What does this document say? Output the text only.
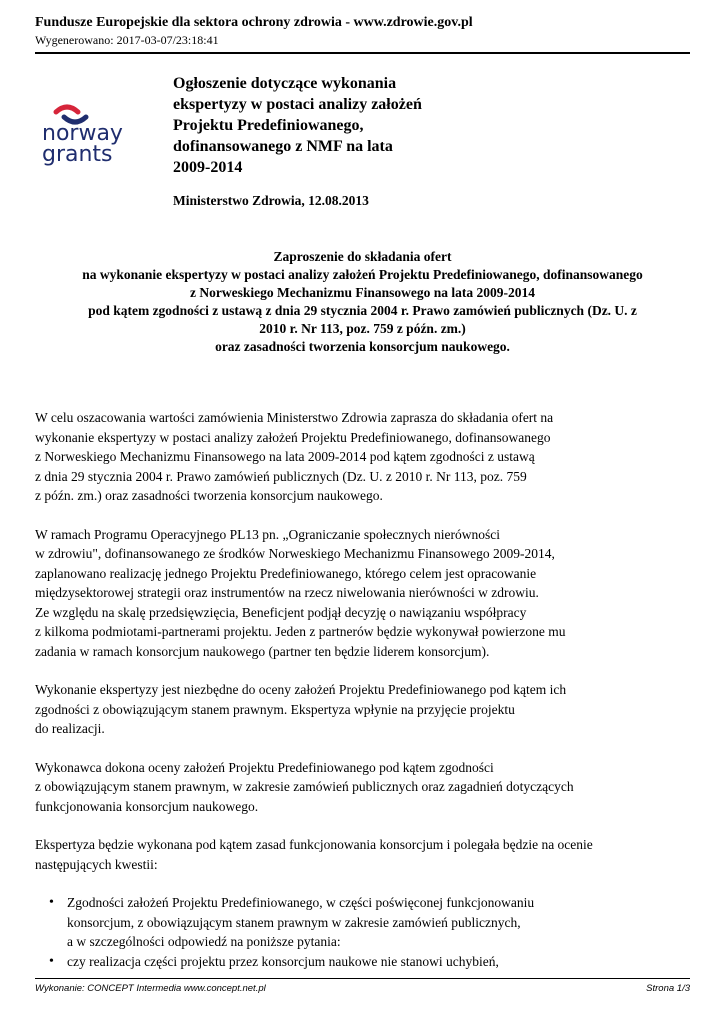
Fundusze Europejskie dla sektora ochrony zdrowia - www.zdrowie.gov.pl
Wygenerowano: 2017-03-07/23:18:41
norway
grants
Ogłoszenie dotyczące wykonania
ekspertyzy w postaci analizy założeń
Projektu Predefiniowanego,
dofinansowanego z NMF na lata
2009-2014
Ministerstwo Zdrowia, 12.08.2013
Zaproszenie do składania ofert
na wykonanie ekspertyzy w postaci analizy założeń Projektu Predefiniowanego, dofinansowanego
z Norweskiego Mechanizmu Finansowego na lata 2009-2014
pod kątem zgodności z ustawą z dnia 29 stycznia 2004 r. Prawo zamówień publicznych (Dz. U. z
2010 r. Nr 113, poz. 759 z późn. zm.)
oraz zasadności tworzenia konsorcjum naukowego.

W celu oszacowania wartości zamówienia Ministerstwo Zdrowia zaprasza do składania ofert na
wykonanie ekspertyzy w postaci analizy założeń Projektu Predefiniowanego, dofinansowanego
z Norweskiego Mechanizmu Finansowego na lata 2009-2014 pod kątem zgodności z ustawą
z dnia 29 stycznia 2004 r. Prawo zamówień publicznych (Dz. U. z 2010 r. Nr 113, poz. 759
z późn. zm.) oraz zasadności tworzenia konsorcjum naukowego.

W ramach Programu Operacyjnego PL13 pn. „Ograniczanie społecznych nierówności
w zdrowiu", dofinansowanego ze środków Norweskiego Mechanizmu Finansowego 2009-2014,
zaplanowano realizację jednego Projektu Predefiniowanego, którego celem jest opracowanie
międzysektorowej strategii oraz instrumentów na rzecz niwelowania nierówności w zdrowiu.
Ze względu na skalę przedsięwzięcia, Beneficjent podjął decyzję o nawiązaniu współpracy
z kilkoma podmiotami-partnerami projektu. Jeden z partnerów będzie wykonywał powierzone mu
zadania w ramach konsorcjum naukowego (partner ten będzie liderem konsorcjum).

Wykonanie ekspertyzy jest niezbędne do oceny założeń Projektu Predefiniowanego pod kątem ich
zgodności z obowiązującym stanem prawnym. Ekspertyza wpłynie na przyjęcie projektu
do realizacji.

Wykonawca dokona oceny założeń Projektu Predefiniowanego pod kątem zgodności
z obowiązującym stanem prawnym, w zakresie zamówień publicznych oraz zagadnień dotyczących
funkcjonowania konsorcjum naukowego.

Ekspertyza będzie wykonana pod kątem zasad funkcjonowania konsorcjum i polegała będzie na ocenie
następujących kwestii:

• Zgodności założeń Projektu Predefiniowanego, w części poświęconej funkcjonowaniu
konsorcjum, z obowiązującym stanem prawnym w zakresie zamówień publicznych,
a w szczególności odpowiedź na poniższe pytania:
• czy realizacja części projektu przez konsorcjum naukowe nie stanowi uchybień,
Wykonanie: CONCEPT Intermedia www.concept.net.pl	Strona 1/3
